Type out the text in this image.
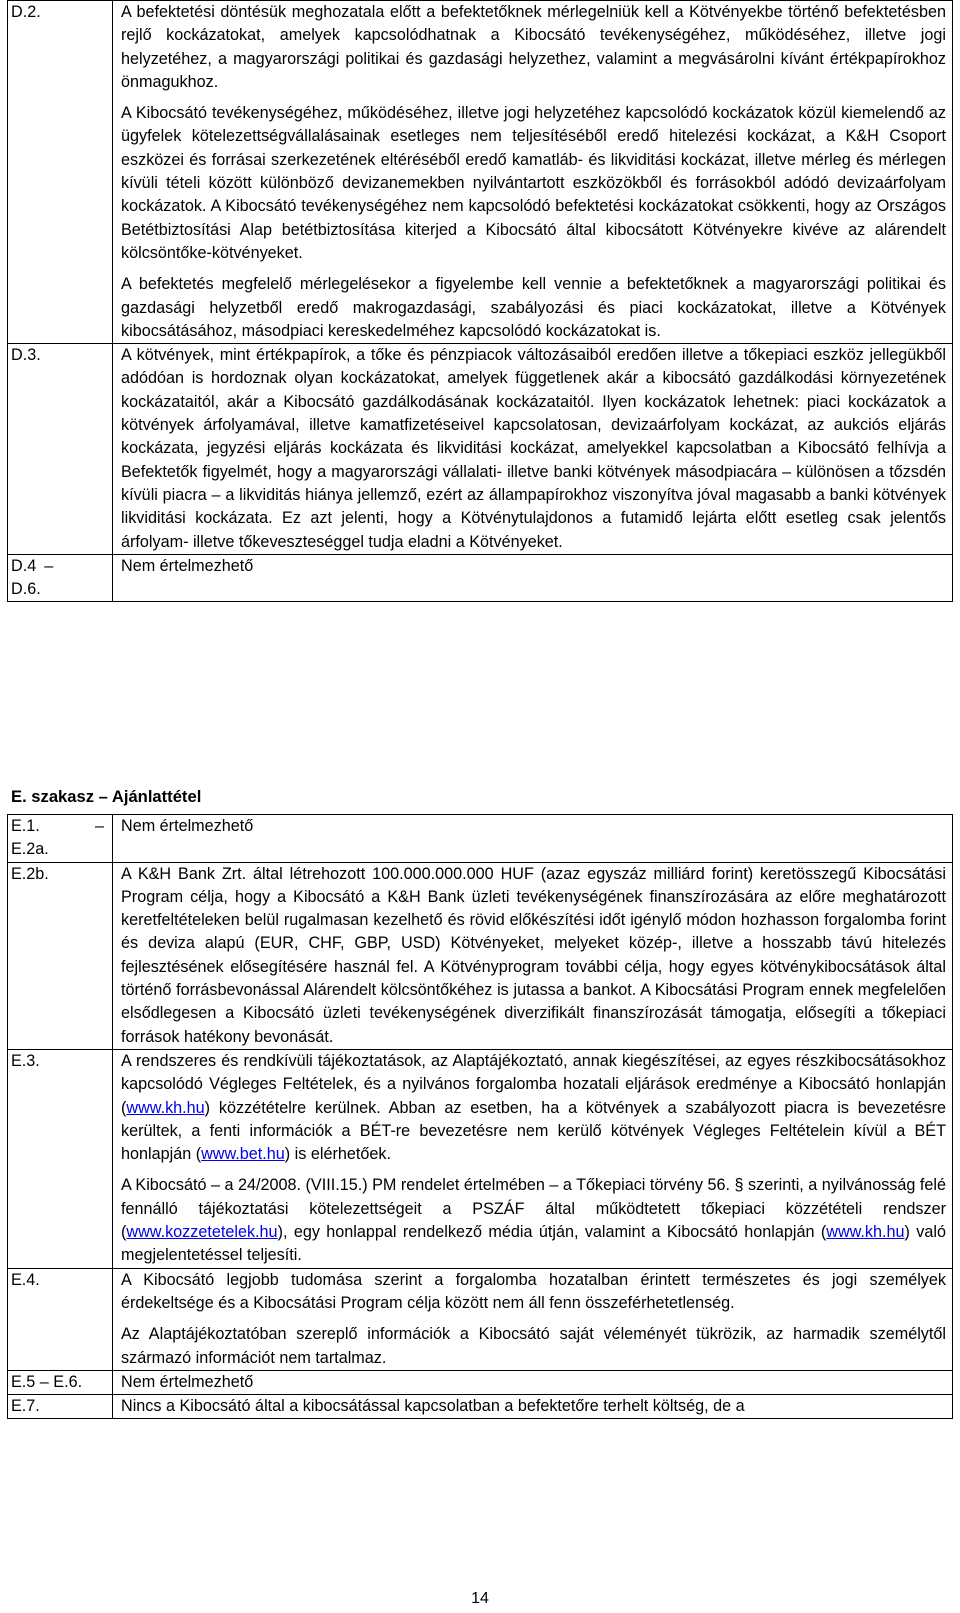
D.2.	A befektetési döntésük meghozatala előtt a befektetőknek mérlegelniük kell a Kötvényekbe történő befektetésben rejlő kockázatokat, amelyek kapcsolódhatnak a Kibocsátó tevékenységéhez, működéséhez, illetve jogi helyzetéhez, a magyarországi politikai és gazdasági helyzethez, valamint a megvásárolni kívánt értékpapírokhoz önmagukhoz.

A Kibocsátó tevékenységéhez, működéséhez, illetve jogi helyzetéhez kapcsolódó kockázatok közül kiemelendő az ügyfelek kötelezettségvállalásainak esetleges nem teljesítéséből eredő hitelezési kockázat, a K&H Csoport eszközei és forrásai szerkezetének eltéréséből eredő kamatláb- és likviditási kockázat, illetve mérleg és mérlegen kívüli tételi között különböző devizanemekben nyilvántartott eszközökből és forrásokból adódó devizaárfolyam kockázatok. A Kibocsátó tevékenységéhez nem kapcsolódó befektetési kockázatokat csökkenti, hogy az Országos Betétbiztosítási Alap betétbiztosítása kiterjed a Kibocsátó által kibocsátott Kötvényekre kivéve az alárendelt kölcsöntőke-kötvényeket.

A befektetés megfelelő mérlegelésekor a figyelembe kell vennie a befektetőknek a magyarországi politikai és gazdasági helyzetből eredő makrogazdasági, szabályozási és piaci kockázatokat, illetve a Kötvények kibocsátásához, másodpiaci kereskedelméhez kapcsolódó kockázatokat is.

D.3.	A kötvények, mint értékpapírok, a tőke és pénzpiacok változásaiból eredően illetve a tőkepiaci eszköz jellegükből adódóan is hordoznak olyan kockázatokat, amelyek függetlenek akár a kibocsátó gazdálkodási környezetének kockázataitól, akár a Kibocsátó gazdálkodásának kockázataitól. Ilyen kockázatok lehetnek: piaci kockázatok a kötvények árfolyamával, illetve kamatfizetéseivel kapcsolatosan, devizaárfolyam kockázat, az aukciós eljárás kockázata, jegyzési eljárás kockázata és likviditási kockázat, amelyekkel kapcsolatban a Kibocsátó felhívja a Befektetők figyelmét, hogy a magyarországi vállalati- illetve banki kötvények másodpiacára – különösen a tőzsdén kívüli piacra – a likviditás hiánya jellemző, ezért az állampapírokhoz viszonyítva jóval magasabb a banki kötvények likviditási kockázata. Ez azt jelenti, hogy a Kötvénytulajdonos a futamidő lejárta előtt esetleg csak jelentős árfolyam- illetve tőkeveszteséggel tudja eladni a Kötvényeket.

D.4 –
D.6.	Nem értelmezhető

E. szakasz – Ajánlattétel
E.1. –
E.2a.	Nem értelmezhető

E.2b.	A K&H Bank Zrt. által létrehozott 100.000.000.000 HUF (azaz egyszáz milliárd forint) keretösszegű Kibocsátási Program célja, hogy a Kibocsátó a K&H Bank üzleti tevékenységének finanszírozására az előre meghatározott keretfeltételeken belül rugalmasan kezelhető és rövid előkészítési időt igénylő módon hozhasson forgalomba forint és deviza alapú (EUR, CHF, GBP, USD) Kötvényeket, melyeket közép-, illetve a hosszabb távú hitelezés fejlesztésének elősegítésére használ fel. A Kötvényprogram további célja, hogy egyes kötvénykibocsátások által történő forrásbevonással Alárendelt kölcsöntőkéhez is jutassa a bankot. A Kibocsátási Program ennek megfelelően elsődlegesen a Kibocsátó üzleti tevékenységének diverzifikált finanszírozását támogatja, elősegíti a tőkepiaci források hatékony bevonását.

E.3.	A rendszeres és rendkívüli tájékoztatások, az Alaptájékoztató, annak kiegészítései, az egyes részkibocsátásokhoz kapcsolódó Végleges Feltételek, és a nyilvános forgalomba hozatali eljárások eredménye a Kibocsátó honlapján (www.kh.hu) közzétételre kerülnek. Abban az esetben, ha a kötvények a szabályozott piacra is bevezetésre kerültek, a fenti információk a BÉT-re bevezetésre nem kerülő kötvények Végleges Feltételein kívül a BÉT honlapján (www.bet.hu) is elérhetőek.

A Kibocsátó – a 24/2008. (VIII.15.) PM rendelet értelmében – a Tőkepiaci törvény 56. § szerinti, a nyilvánosság felé fennálló tájékoztatási kötelezettségeit a PSZÁF által működtetett tőkepiaci közzétételi rendszer (www.kozzetetelek.hu), egy honlappal rendelkező média útján, valamint a Kibocsátó honlapján (www.kh.hu) való megjelentetéssel teljesíti.

E.4.	A Kibocsátó legjobb tudomása szerint a forgalomba hozatalban érintett természetes és jogi személyek érdekeltsége és a Kibocsátási Program célja között nem áll fenn összeférhetetlenség.

Az Alaptájékoztatóban szereplő információk a Kibocsátó saját véleményét tükrözik, az harmadik személytől származó információt nem tartalmaz.

E.5 – E.6.	Nem értelmezhető

E.7.	Nincs a Kibocsátó által a kibocsátással kapcsolatban a befektetőre terhelt költség, de a

14
